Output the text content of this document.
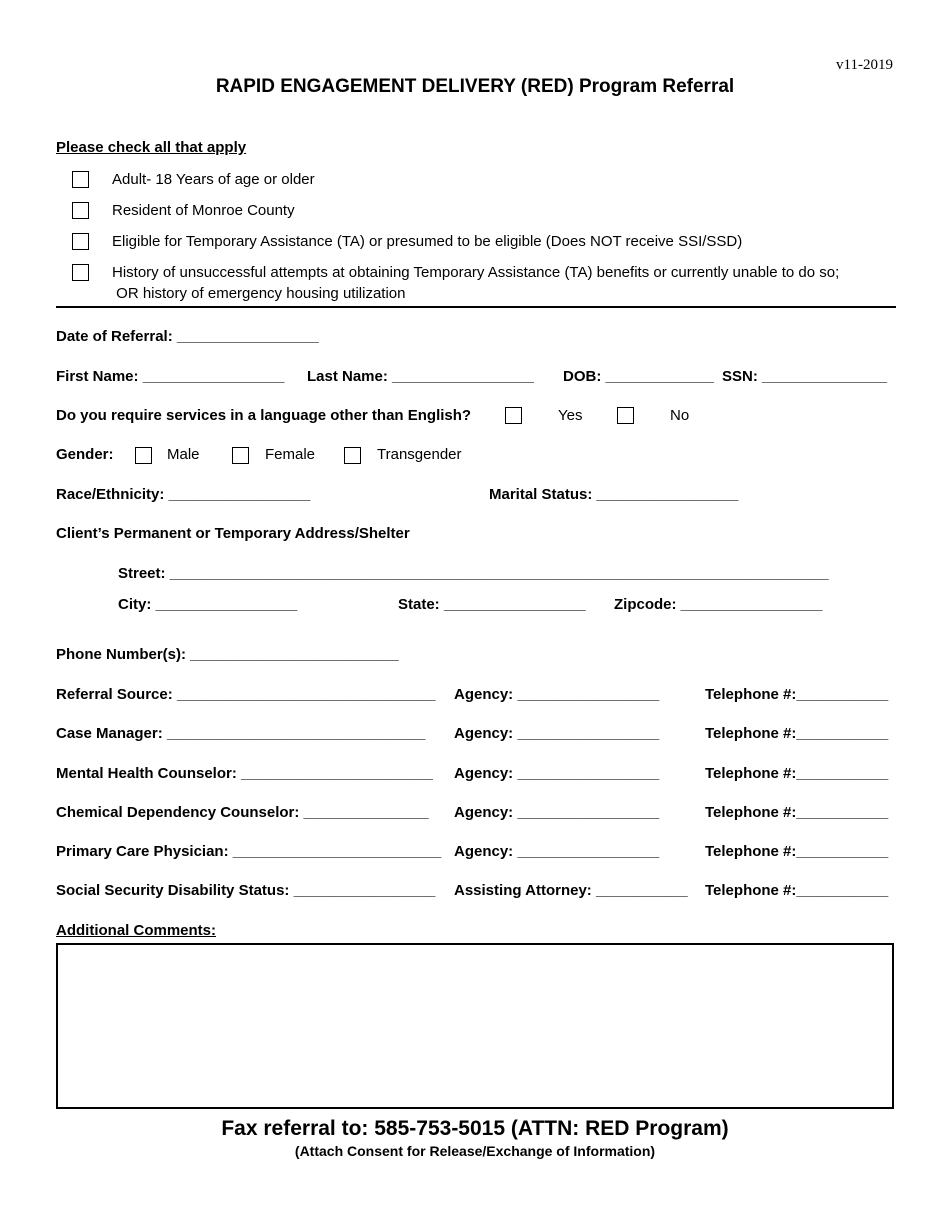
v11-2019
RAPID ENGAGEMENT DELIVERY (RED) Program Referral
Please check all that apply
Adult- 18 Years of age or older
Resident of Monroe County
Eligible for Temporary Assistance (TA) or presumed to be eligible (Does NOT receive SSI/SSD)
History of unsuccessful attempts at obtaining Temporary Assistance (TA) benefits or currently unable to do so;
OR history of emergency housing utilization
Date of Referral: _________________
First Name: _________________ Last Name: _________________ DOB: _____________ SSN: _______________
Do you require services in a language other than English?	Yes	No
Gender:	Male	Female	Transgender
Race/Ethnicity: _________________	Marital Status: _________________
Client’s Permanent or Temporary Address/Shelter
Street: _______________________________________________________________________________
City: _________________	State: _________________ Zipcode: _________________
Phone Number(s): _________________________
Referral Source: _______________________________ Agency: _________________	Telephone #:___________
Case Manager: _______________________________ Agency: _________________	Telephone #:___________
Mental Health Counselor: _______________________ Agency: _________________	Telephone #:___________
Chemical Dependency Counselor: _______________ Agency: _________________	Telephone #:___________
Primary Care Physician: _________________________ Agency: _________________	Telephone #:___________
Social Security Disability Status: _________________ Assisting Attorney: ___________ Telephone #:___________
Additional Comments:
Fax referral to: 585-753-5015 (ATTN: RED Program)
(Attach Consent for Release/Exchange of Information)
